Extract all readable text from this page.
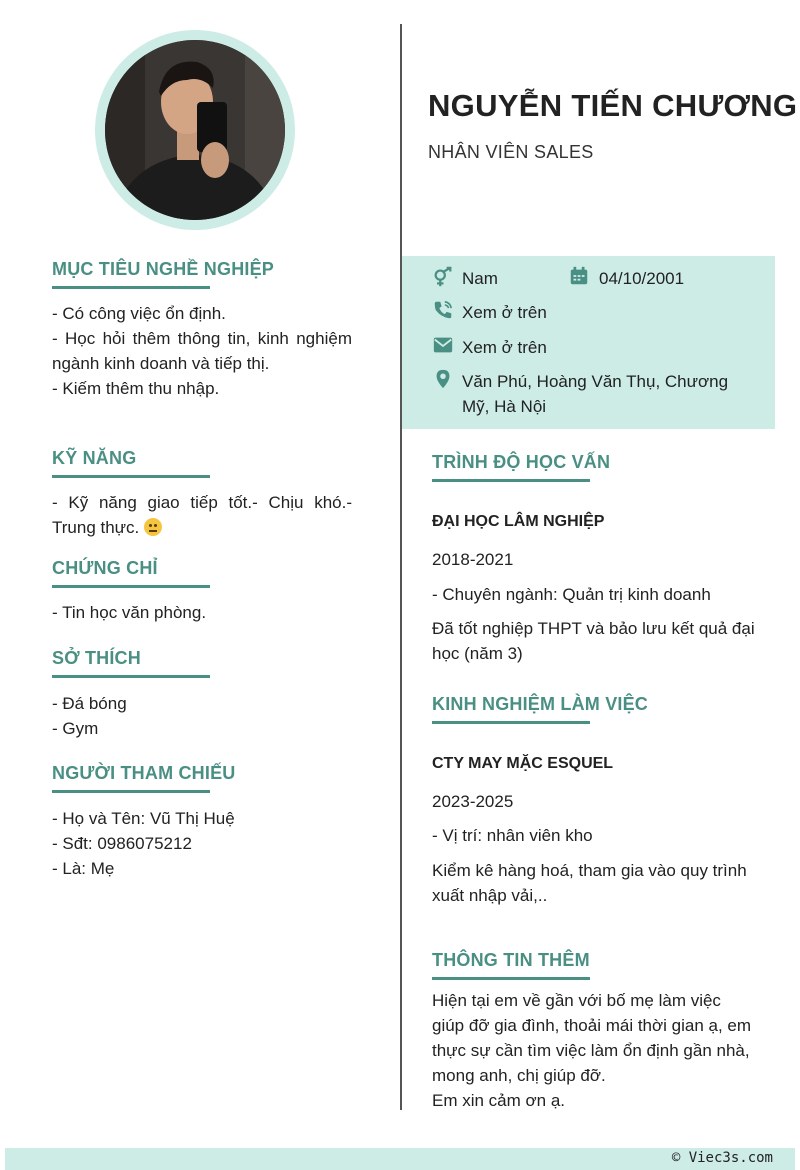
NGUYỄN TIẾN CHƯƠNG
NHÂN VIÊN SALES
Nam	04/10/2001
Xem ở trên
Xem ở trên
Văn Phú, Hoàng Văn Thụ, Chương
Mỹ, Hà Nội
MỤC TIÊU NGHỀ NGHIỆP
- Có công việc ổn định.
- Học hỏi thêm thông tin, kinh nghiệm ngành kinh doanh và tiếp thị.
- Kiếm thêm thu nhập.
KỸ NĂNG
- Kỹ năng giao tiếp tốt.- Chịu khó.- Trung thực.
CHỨNG CHỈ
- Tin học văn phòng.
SỞ THÍCH
- Đá bóng
- Gym
NGƯỜI THAM CHIẾU
- Họ và Tên: Vũ Thị Huệ
- Sđt: 0986075212
- Là: Mẹ
TRÌNH ĐỘ HỌC VẤN
ĐẠI HỌC LÂM NGHIỆP
2018-2021
- Chuyên ngành: Quản trị kinh doanh
Đã tốt nghiệp THPT và bảo lưu kết quả đại học (năm 3)
KINH NGHIỆM LÀM VIỆC
CTY MAY MẶC ESQUEL
2023-2025
- Vị trí: nhân viên kho
Kiểm kê hàng hoá, tham gia vào quy trình xuất nhập vải,..
THÔNG TIN THÊM
Hiện tại em về gần với bố mẹ làm việc
giúp đỡ gia đình, thoải mái thời gian ạ, em
thực sự cần tìm việc làm ổn định gần nhà,
mong anh, chị giúp đỡ.
Em xin cảm ơn ạ.
© Viec3s.com
